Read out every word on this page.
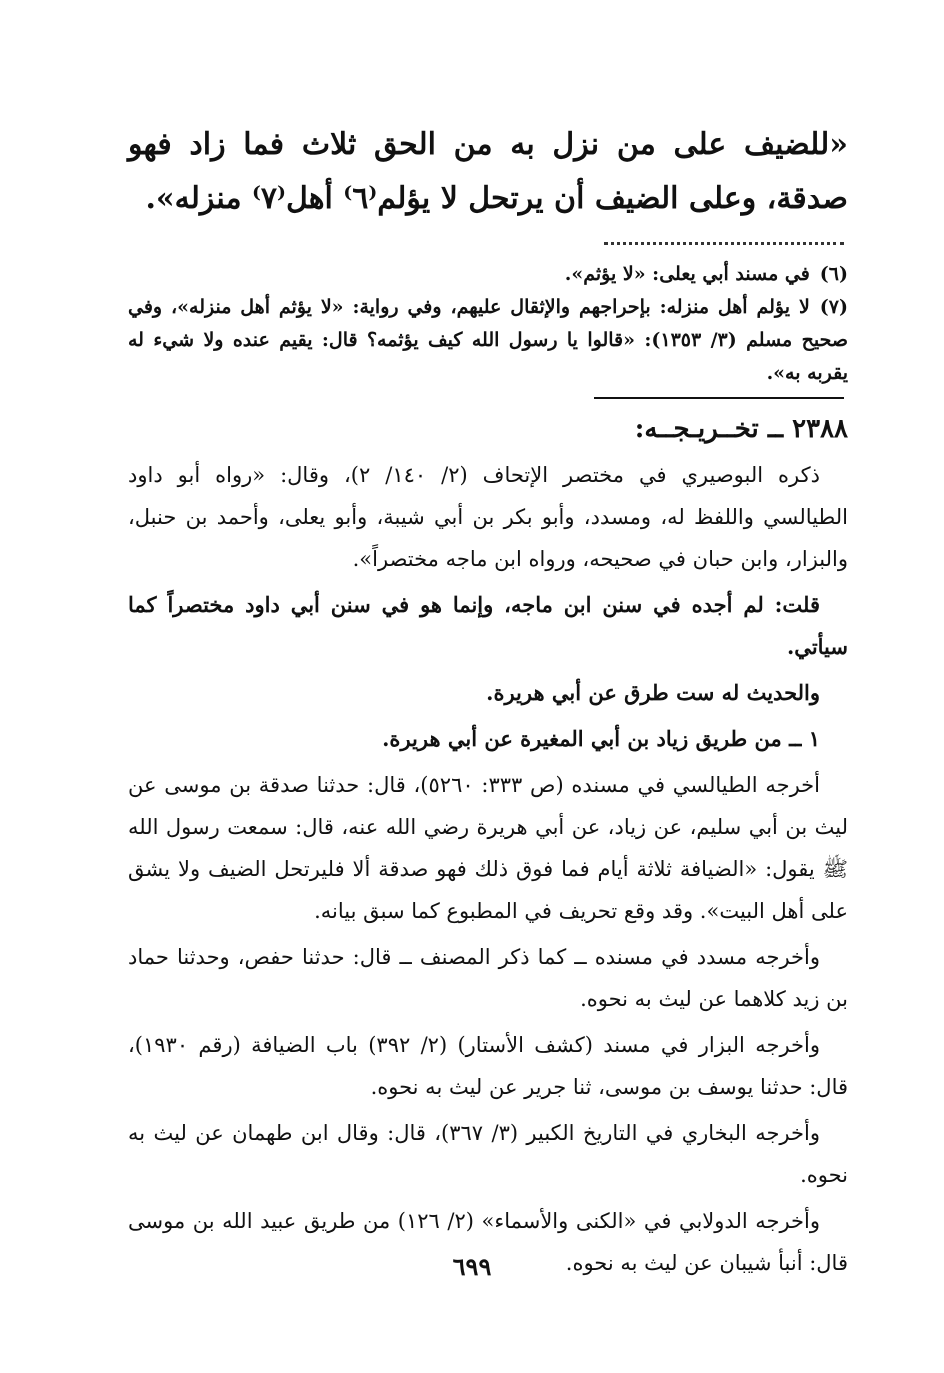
«للضيف على من نزل به من الحق ثلاث فما زاد فهو صدقة، وعلى الضيف أن يرتحل لا يؤلم⁽٦⁾ أهل⁽٧⁾ منزله».

(٦)في مسند أبي يعلى: «لا يؤثم».

(٧)لا يؤلم أهل منزله: بإحراجهم والإثقال عليهم، وفي رواية: «لا يؤثم أهل منزله»، وفي صحيح مسلم (٣/ ١٣٥٣): «قالوا يا رسول الله كيف يؤثمه؟ قال: يقيم عنده ولا شيء له يقربه به».

٢٣٨٨ ــ تخــريـجــه:

ذكره البوصيري في مختصر الإتحاف (٢/ ١٤٠/ ٢)، وقال: «رواه أبو داود الطيالسي واللفظ له، ومسدد، وأبو بكر بن أبي شيبة، وأبو يعلى، وأحمد بن حنبل، والبزار، وابن حبان في صحيحه، ورواه ابن ماجه مختصراً».

قلت: لم أجده في سنن ابن ماجه، وإنما هو في سنن أبي داود مختصراً كما سيأتي.

والحديث له ست طرق عن أبي هريرة.

١ ــ من طريق زياد بن أبي المغيرة عن أبي هريرة.

أخرجه الطيالسي في مسنده (ص ٣٣٣: ٥٢٦٠)، قال: حدثنا صدقة بن موسى عن ليث بن أبي سليم، عن زياد، عن أبي هريرة رضي الله عنه، قال: سمعت رسول الله ﷺ يقول: «الضيافة ثلاثة أيام فما فوق ذلك فهو صدقة ألا فليرتحل الضيف ولا يشق على أهل البيت». وقد وقع تحريف في المطبوع كما سبق بيانه.

وأخرجه مسدد في مسنده ــ كما ذكر المصنف ــ قال: حدثنا حفص، وحدثنا حماد بن زيد كلاهما عن ليث به نحوه.

وأخرجه البزار في مسند (كشف الأستار) (٢/ ٣٩٢) باب الضيافة (رقم ١٩٣٠)، قال: حدثنا يوسف بن موسى، ثنا جرير عن ليث به نحوه.

وأخرجه البخاري في التاريخ الكبير (٣/ ٣٦٧)، قال: وقال ابن طهمان عن ليث به نحوه.

وأخرجه الدولابي في «الكنى والأسماء» (٢/ ١٢٦) من طريق عبيد الله بن موسى قال: أنبأ شيبان عن ليث به نحوه.

٦٩٩
